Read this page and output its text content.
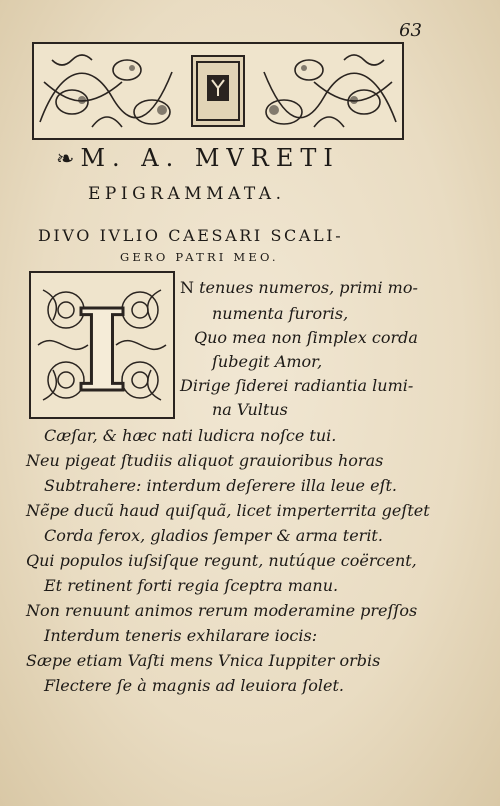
63
❧ M. A. MVRETI
EPIGRAMMATA.
DIVO IVLIO CAESARI SCALI-
GERO PATRI MEO.
I	N tenues numeros, primi mo-
numenta furoris,
Quo mea non ſimplex corda
ſubegit Amor,
Dirige ſiderei radiantia lumi-
na Vultus
Cæſar, & hæc nati ludicra noſce tui.
Neu pigeat ſtudiis aliquot grauioribus horas
Subtrahere: interdum deſerere illa leue eſt.
Nẽpe ducũ haud quiſquã, licet imperterrita geſtet
Corda ferox, gladios ſemper & arma terit.
Qui populos iuſsiſque regunt, nutúque coërcent,
Et retinent forti regia ſceptra manu.
Non renuunt animos rerum moderamine preſſos
Interdum teneris exhilarare iocis:
Sæpe etiam Vaſti mens Vnica Iuppiter orbis
Flectere ſe à magnis ad leuiora ſolet.
